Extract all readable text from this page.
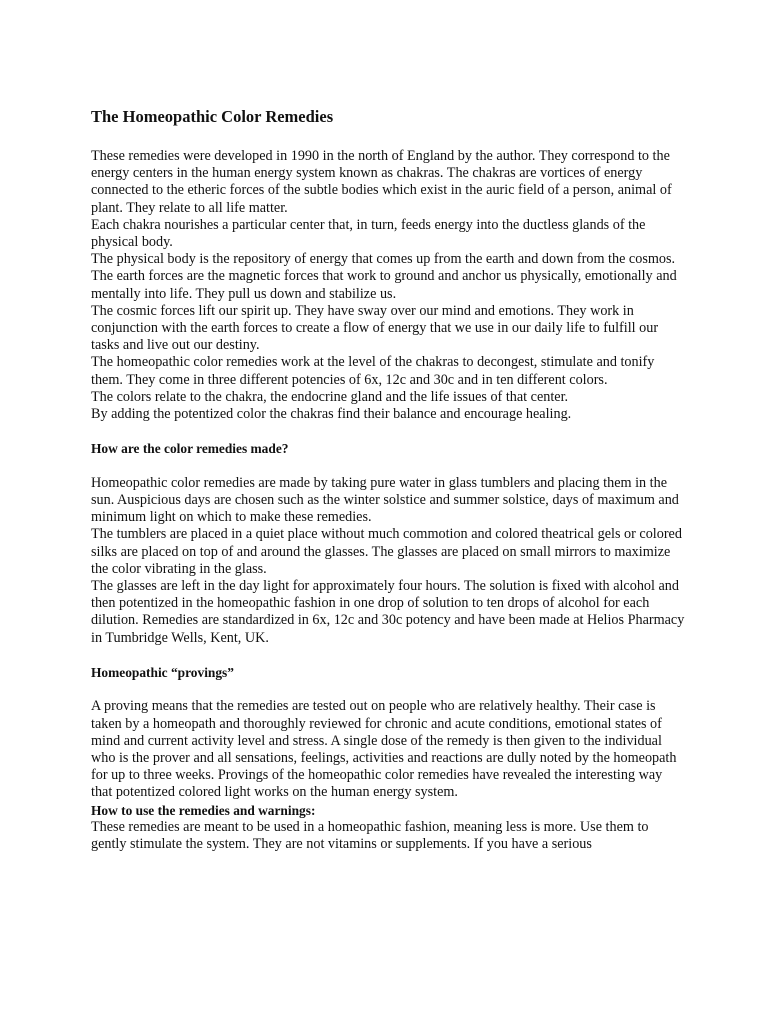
The Homeopathic Color Remedies

These remedies were developed in 1990 in the north of England by the author. They correspond to the energy centers in the human energy system known as chakras. The chakras are vortices of energy connected to the etheric forces of the subtle bodies which exist in the auric field of a person, animal of plant. They relate to all life matter.

Each chakra nourishes a particular center that, in turn, feeds energy into the ductless glands of the physical body.

The physical body is the repository of energy that comes up from the earth and down from the cosmos. The earth forces are the magnetic forces that work to ground and anchor us physically, emotionally and mentally into life. They pull us down and stabilize us.

The cosmic forces lift our spirit up. They have sway over our mind and emotions. They work in conjunction with the earth forces to create a flow of energy that we use in our daily life to fulfill our tasks and live out our destiny.

The homeopathic color remedies work at the level of the chakras to decongest, stimulate and tonify them. They come in three different potencies of 6x, 12c and 30c and in ten different colors.

The colors relate to the chakra, the endocrine gland and the life issues of that center.

By adding the potentized color the chakras find their balance and encourage healing.

How are the color remedies made?

Homeopathic color remedies are made by taking pure water in glass tumblers and placing them in the sun. Auspicious days are chosen such as the winter solstice and summer solstice, days of maximum and minimum light on which to make these remedies.

The tumblers are placed in a quiet place without much commotion and colored theatrical gels or colored silks are placed on top of and around the glasses. The glasses are placed on small mirrors to maximize the color vibrating in the glass.

The glasses are left in the day light for approximately four hours. The solution is fixed with alcohol and then potentized in the homeopathic fashion in one drop of solution to ten drops of alcohol for each dilution. Remedies are standardized in 6x, 12c and 30c potency and have been made at Helios Pharmacy in Tumbridge Wells, Kent, UK.

Homeopathic “provings”

A proving means that the remedies are tested out on people who are relatively healthy. Their case is taken by a homeopath and thoroughly reviewed for chronic and acute conditions, emotional states of mind and current activity level and stress. A single dose of the remedy is then given to the individual who is the prover and all sensations, feelings, activities and reactions are dully noted by the homeopath for up to three weeks. Provings of the homeopathic color remedies have revealed the interesting way that potentized colored light works on the human energy system.

How to use the remedies and warnings:

These remedies are meant to be used in a homeopathic fashion, meaning less is more. Use them to gently stimulate the system. They are not vitamins or supplements. If you have a serious
